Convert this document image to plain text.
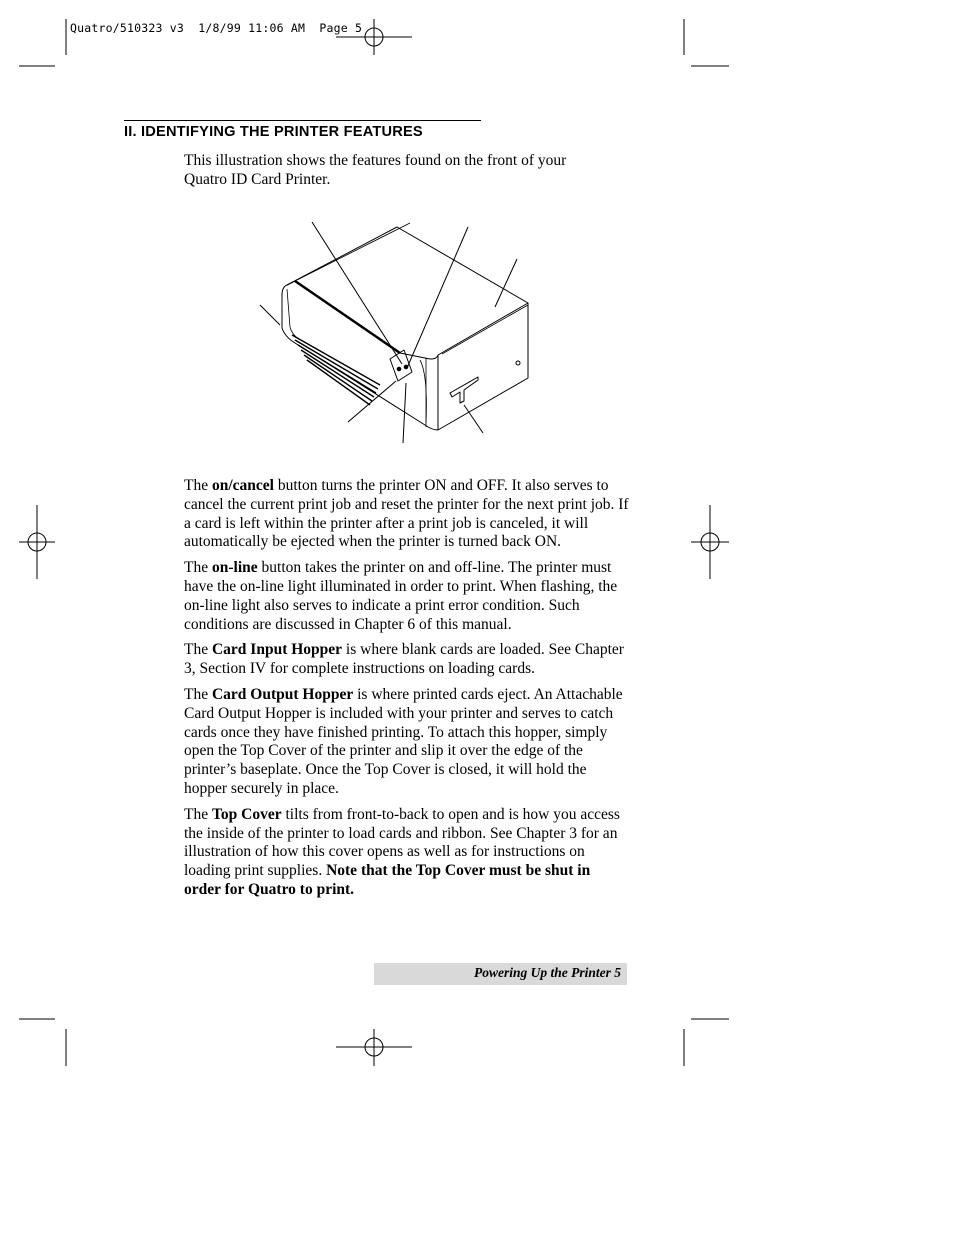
Quatro/510323 v3  1/8/99 11:06 AM  Page 5
II. IDENTIFYING THE PRINTER FEATURES

This illustration shows the features found on the front of your
Quatro ID Card Printer.

The on/cancel button turns the printer ON and OFF. It also serves to cancel the current print job and reset the printer for the next print job. If a card is left within the printer after a print job is canceled, it will automatically be ejected when the printer is turned back ON.

The on-line button takes the printer on and off-line. The printer must have the on-line light illuminated in order to print. When flashing, the on-line light also serves to indicate a print error condition. Such conditions are discussed in Chapter 6 of this manual.

The Card Input Hopper is where blank cards are loaded. See Chapter 3, Section IV for complete instructions on loading cards.

The Card Output Hopper is where printed cards eject. An Attachable Card Output Hopper is included with your printer and serves to catch cards once they have finished printing. To attach this hopper, simply open the Top Cover of the printer and slip it over the edge of the printer’s baseplate. Once the Top Cover is closed, it will hold the hopper securely in place.

The Top Cover tilts from front-to-back to open and is how you access the inside of the printer to load cards and ribbon. See Chapter 3 for an illustration of how this cover opens as well as for instructions on loading print supplies. Note that the Top Cover must be shut in order for Quatro to print.

Powering Up the Printer 5
